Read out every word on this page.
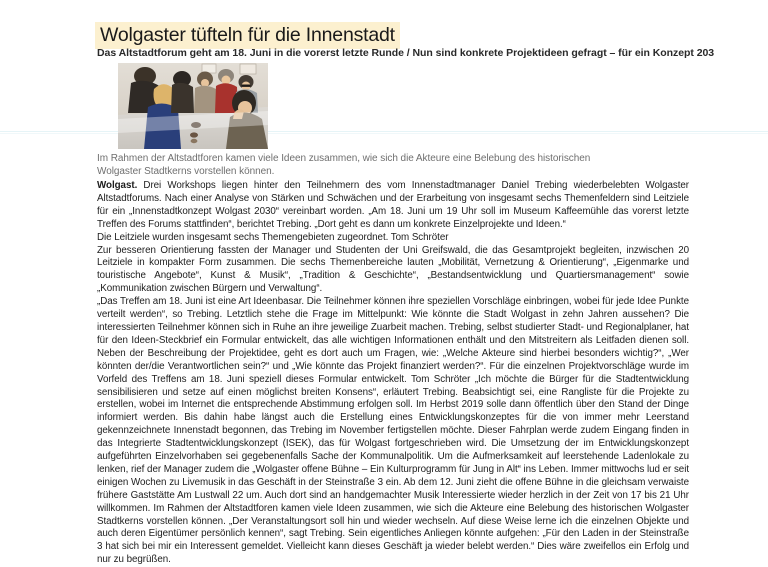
Wolgaster tüfteln für die Innenstadt
Das Altstadtforum geht am 18. Juni in die vorerst letzte Runde / Nun sind konkrete Projektideen gefragt – für ein Konzept 203
Im Rahmen der Altstadtforen kamen viele Ideen zusammen, wie sich die Akteure eine Belebung des historischen Wolgaster Stadtkerns vorstellen können.

Wolgast. Drei Workshops liegen hinter den Teilnehmern des vom Innenstadtmanager Daniel Trebing wiederbelebten Wolgaster Altstadtforums. Nach einer Analyse von Stärken und Schwächen und der Erarbeitung von insgesamt sechs Themenfeldern sind Leitziele für ein „Innenstadtkonzept Wolgast 2030“ vereinbart worden. „Am 18. Juni um 19 Uhr soll im Museum Kaffeemühle das vorerst letzte Treffen des Forums stattfinden“, berichtet Trebing. „Dort geht es dann um konkrete Einzelprojekte und Ideen.“

Die Leitziele wurden insgesamt sechs Themengebieten zugeordnet. Tom Schröter

Zur besseren Orientierung fassten der Manager und Studenten der Uni Greifswald, die das Gesamtprojekt begleiten, inzwischen 20 Leitziele in kompakter Form zusammen. Die sechs Themenbereiche lauten „Mobilität, Vernetzung & Orientierung“, „Eigenmarke und touristische Angebote“, Kunst & Musik“, „Tradition & Geschichte“, „Bestandsentwicklung und Quartiersmanagement“ sowie „Kommunikation zwischen Bürgern und Verwaltung“.

„Das Treffen am 18. Juni ist eine Art Ideenbasar. Die Teilnehmer können ihre speziellen Vorschläge einbringen, wobei für jede Idee Punkte verteilt werden“, so Trebing. Letztlich stehe die Frage im Mittelpunkt: Wie könnte die Stadt Wolgast in zehn Jahren aussehen? Die interessierten Teilnehmer können sich in Ruhe an ihre jeweilige Zuarbeit machen. Trebing, selbst studierter Stadt- und Regionalplaner, hat für den Ideen-Steckbrief ein Formular entwickelt, das alle wichtigen Informationen enthält und den Mitstreitern als Leitfaden dienen soll. Neben der Beschreibung der Projektidee, geht es dort auch um Fragen, wie: „Welche Akteure sind hierbei besonders wichtig?“, „Wer könnten der/die Verantwortlichen sein?“ und „Wie könnte das Projekt finanziert werden?“. Für die einzelnen Projektvorschläge wurde im Vorfeld des Treffens am 18. Juni speziell dieses Formular entwickelt. Tom Schröter „Ich möchte die Bürger für die Stadtentwicklung sensibilisieren und setze auf einen möglichst breiten Konsens“, erläutert Trebing. Beabsichtigt sei, eine Rangliste für die Projekte zu erstellen, wobei im Internet die entsprechende Abstimmung erfolgen soll. Im Herbst 2019 solle dann öffentlich über den Stand der Dinge informiert werden. Bis dahin habe längst auch die Erstellung eines Entwicklungskonzeptes für die von immer mehr Leerstand gekennzeichnete Innenstadt begonnen, das Trebing im November fertigstellen möchte. Dieser Fahrplan werde zudem Eingang finden in das Integrierte Stadtentwicklungskonzept (ISEK), das für Wolgast fortgeschrieben wird. Die Umsetzung der im Entwicklungskonzept aufgeführten Einzelvorhaben sei gegebenenfalls Sache der Kommunalpolitik. Um die Aufmerksamkeit auf leerstehende Ladenlokale zu lenken, rief der Manager zudem die „Wolgaster offene Bühne – Ein Kulturprogramm für Jung in Alt“ ins Leben. Immer mittwochs lud er seit einigen Wochen zu Livemusik in das Geschäft in der Steinstraße 3 ein. Ab dem 12. Juni zieht die offene Bühne in die gleichsam verwaiste frühere Gaststätte Am Lustwall 22 um. Auch dort sind an handgemachter Musik Interessierte wieder herzlich in der Zeit von 17 bis 21 Uhr willkommen. Im Rahmen der Altstadtforen kamen viele Ideen zusammen, wie sich die Akteure eine Belebung des historischen Wolgaster Stadtkerns vorstellen können. „Der Veranstaltungsort soll hin und wieder wechseln. Auf diese Weise lerne ich die einzelnen Objekte und auch deren Eigentümer persönlich kennen“, sagt Trebing. Sein eigentliches Anliegen könnte aufgehen: „Für den Laden in der Steinstraße 3 hat sich bei mir ein Interessent gemeldet. Vielleicht kann dieses Geschäft ja wieder belebt werden.“ Dies wäre zweifellos ein Erfolg und nur zu begrüßen.
